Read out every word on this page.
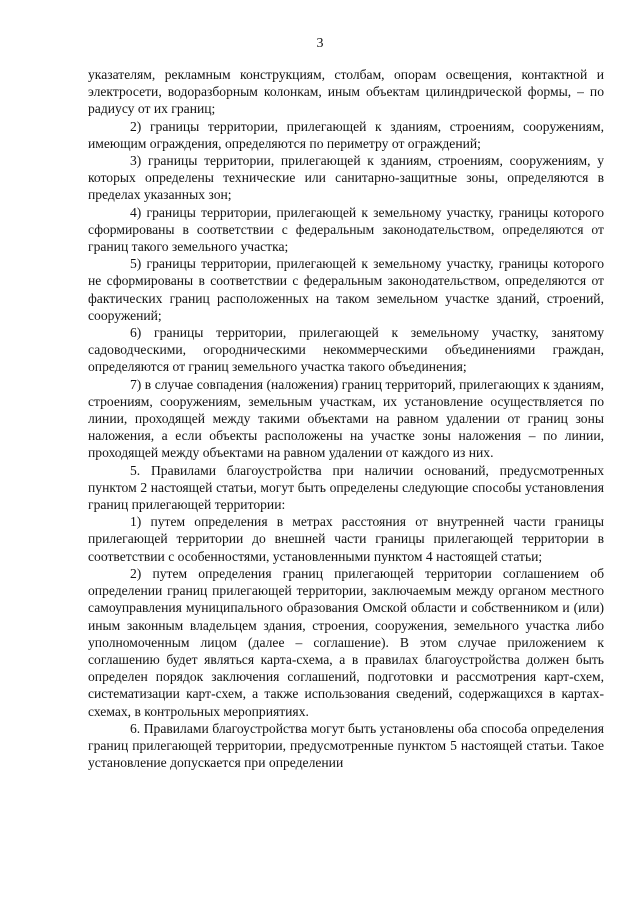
3

указателям, рекламным конструкциям, столбам, опорам освещения, контактной и электросети, водоразборным колонкам, иным объектам цилиндрической формы, – по радиусу от их границ;

2) границы территории, прилегающей к зданиям, строениям, сооружениям, имеющим ограждения, определяются по периметру от ограждений;

3) границы территории, прилегающей к зданиям, строениям, сооружениям, у которых определены технические или санитарно-защитные зоны, определяются в пределах указанных зон;

4) границы территории, прилегающей к земельному участку, границы которого сформированы в соответствии с федеральным законодательством, определяются от границ такого земельного участка;

5) границы территории, прилегающей к земельному участку, границы которого не сформированы в соответствии с федеральным законодательством, определяются от фактических границ расположенных на таком земельном участке зданий, строений, сооружений;

6) границы территории, прилегающей к земельному участку, занятому садоводческими, огородническими некоммерческими объединениями граждан, определяются от границ земельного участка такого объединения;

7) в случае совпадения (наложения) границ территорий, прилегающих к зданиям, строениям, сооружениям, земельным участкам, их установление осуществляется по линии, проходящей между такими объектами на равном удалении от границ зоны наложения, а если объекты расположены на участке зоны наложения – по линии, проходящей между объектами на равном удалении от каждого из них.

5. Правилами благоустройства при наличии оснований, предусмотренных пунктом 2 настоящей статьи, могут быть определены следующие способы установления границ прилегающей территории:

1) путем определения в метрах расстояния от внутренней части границы прилегающей территории до внешней части границы прилегающей территории в соответствии с особенностями, установленными пунктом 4 настоящей статьи;

2) путем определения границ прилегающей территории соглашением об определении границ прилегающей территории, заключаемым между органом местного самоуправления муниципального образования Омской области и собственником и (или) иным законным владельцем здания, строения, сооружения, земельного участка либо уполномоченным лицом (далее – соглашение). В этом случае приложением к соглашению будет являться карта-схема, а в правилах благоустройства должен быть определен порядок заключения соглашений, подготовки и рассмотрения карт-схем, систематизации карт-схем, а также использования сведений, содержащихся в картах-схемах, в контрольных мероприятиях.

6. Правилами благоустройства могут быть установлены оба способа определения границ прилегающей территории, предусмотренные пунктом 5 настоящей статьи. Такое установление допускается при определении
